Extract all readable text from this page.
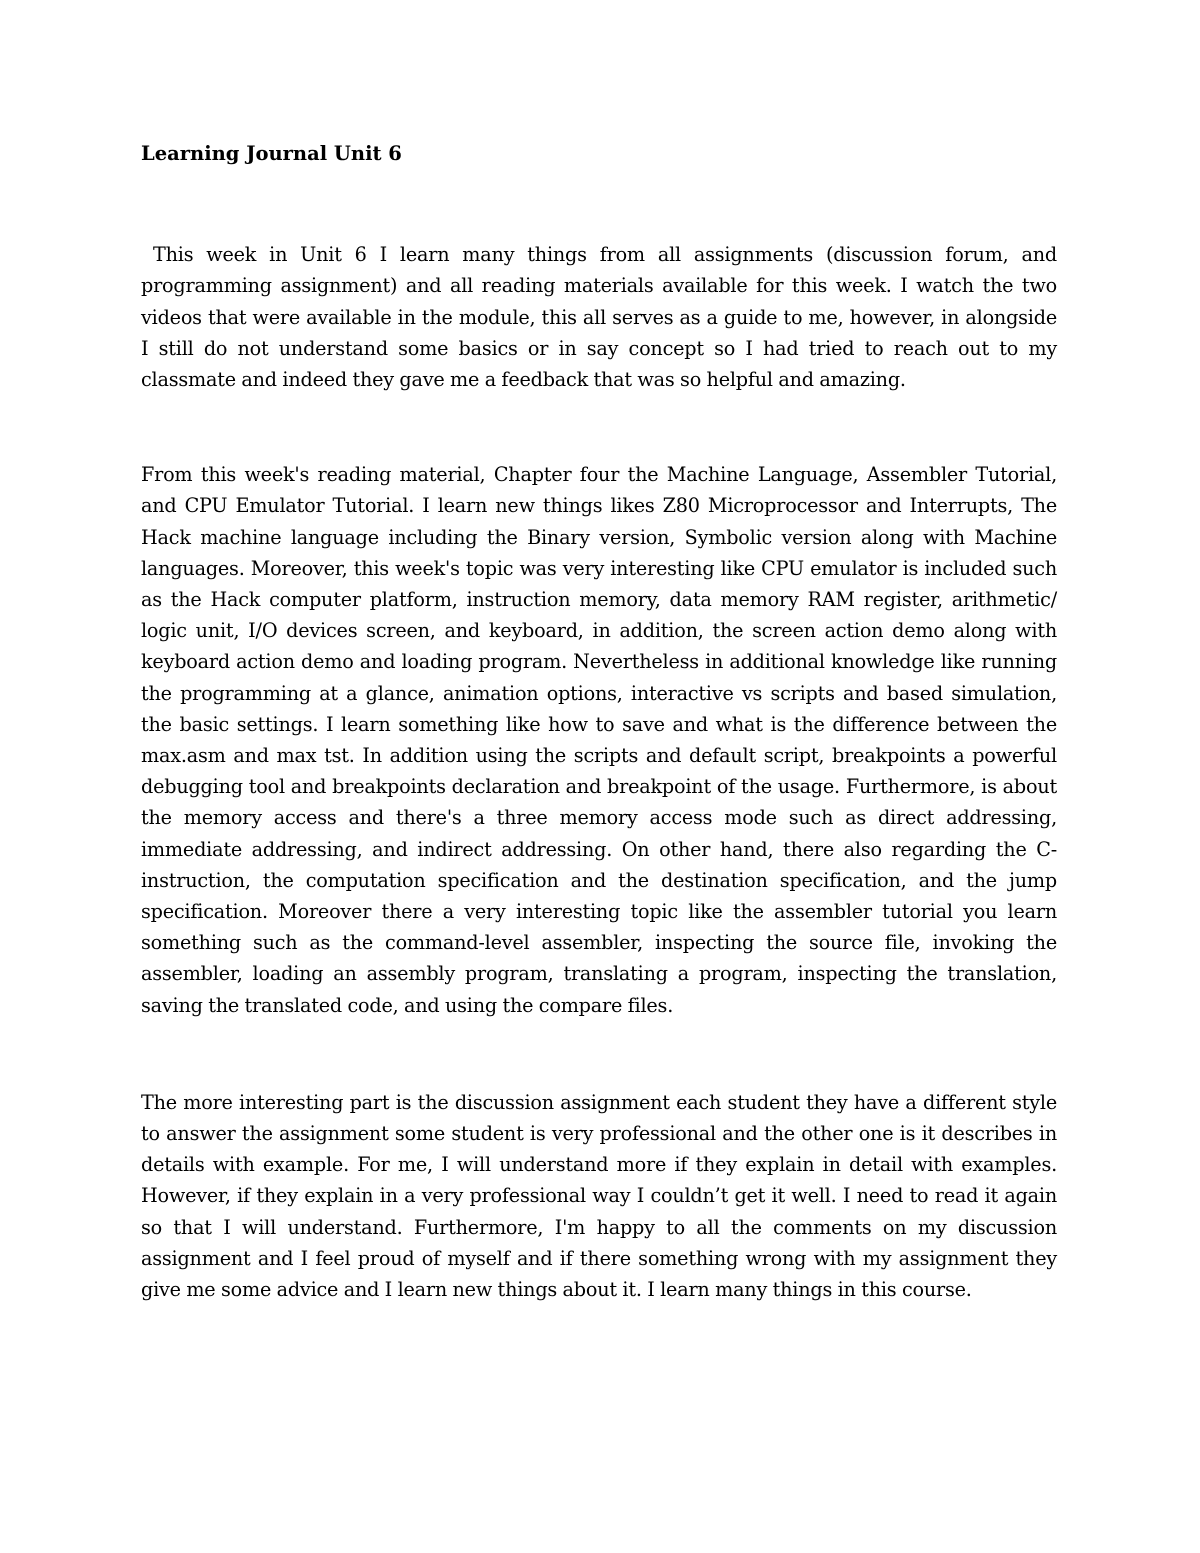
Learning Journal Unit 6

This week in Unit 6 I learn many things from all assignments (discussion forum, and programming assignment) and all reading materials available for this week. I watch the two videos that were available in the module, this all serves as a guide to me, however, in alongside I still do not understand some basics or in say concept so I had tried to reach out to my classmate and indeed they gave me a feedback that was so helpful and amazing.

From this week's reading material, Chapter four the Machine Language, Assembler Tutorial, and CPU Emulator Tutorial. I learn new things likes Z80 Microprocessor and Interrupts, The Hack machine language including the Binary version, Symbolic version along with Machine languages. Moreover, this week's topic was very interesting like CPU emulator is included such as the Hack computer platform, instruction memory, data memory RAM register, arithmetic/ logic unit, I/O devices screen, and keyboard, in addition, the screen action demo along with keyboard action demo and loading program. Nevertheless in additional knowledge like running the programming at a glance, animation options, interactive vs scripts and based simulation, the basic settings. I learn something like how to save and what is the difference between the max.asm and max tst. In addition using the scripts and default script, breakpoints a powerful debugging tool and breakpoints declaration and breakpoint of the usage. Furthermore, is about the memory access and there's a three memory access mode such as direct addressing, immediate addressing, and indirect addressing. On other hand, there also regarding the C-instruction, the computation specification and the destination specification, and the jump specification. Moreover there a very interesting topic like the assembler tutorial you learn something such as the command-level assembler, inspecting the source file, invoking the assembler, loading an assembly program, translating a program, inspecting the translation, saving the translated code, and using the compare files.

The more interesting part is the discussion assignment each student they have a different style to answer the assignment some student is very professional and the other one is it describes in details with example. For me, I will understand more if they explain in detail with examples. However, if they explain in a very professional way I couldn’t get it well. I need to read it again so that I will understand. Furthermore, I'm happy to all the comments on my discussion assignment and I feel proud of myself and if there something wrong with my assignment they give me some advice and I learn new things about it. I learn many things in this course.
